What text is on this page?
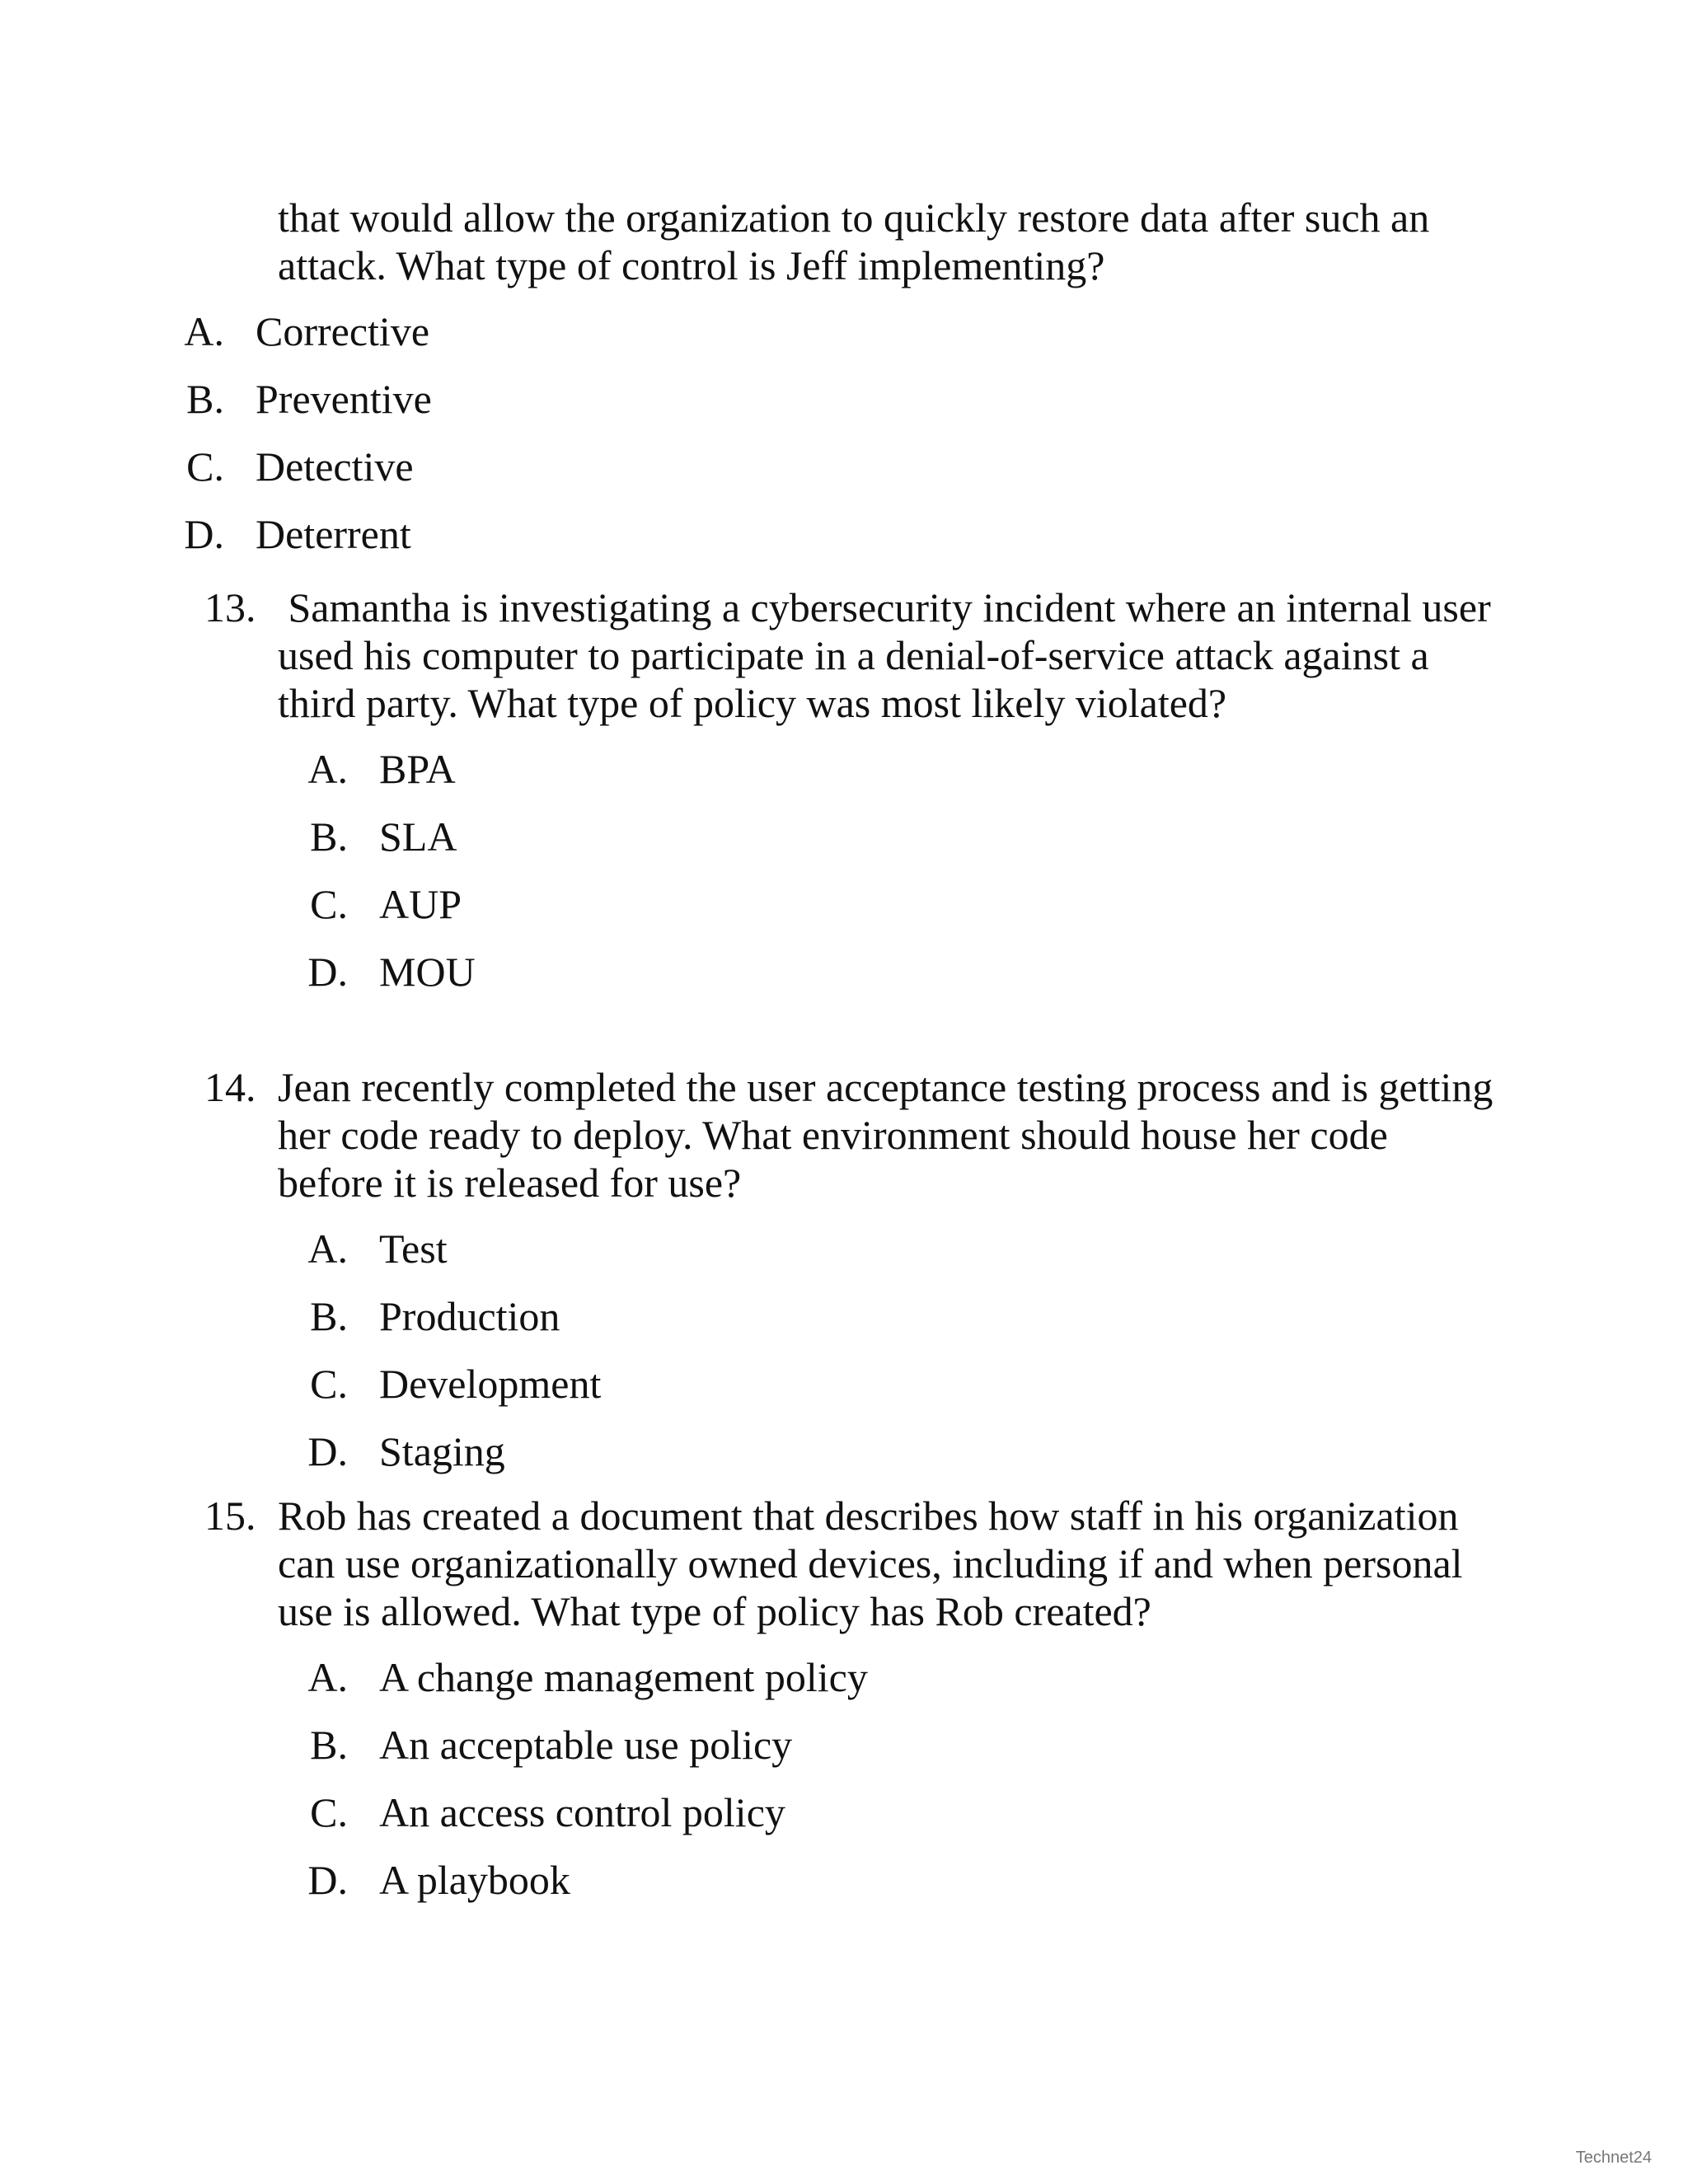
that would allow the organization to quickly restore data after such an attack. What type of control is Jeff implementing?
A. Corrective
B. Preventive
C. Detective
D. Deterrent
13. Samantha is investigating a cybersecurity incident where an internal user used his computer to participate in a denial-of-service attack against a third party. What type of policy was most likely violated?
A. BPA
B. SLA
C. AUP
D. MOU
14. Jean recently completed the user acceptance testing process and is getting her code ready to deploy. What environment should house her code before it is released for use?
A. Test
B. Production
C. Development
D. Staging
15. Rob has created a document that describes how staff in his organization can use organizationally owned devices, including if and when personal use is allowed. What type of policy has Rob created?
A. A change management policy
B. An acceptable use policy
C. An access control policy
D. A playbook
Technet24
